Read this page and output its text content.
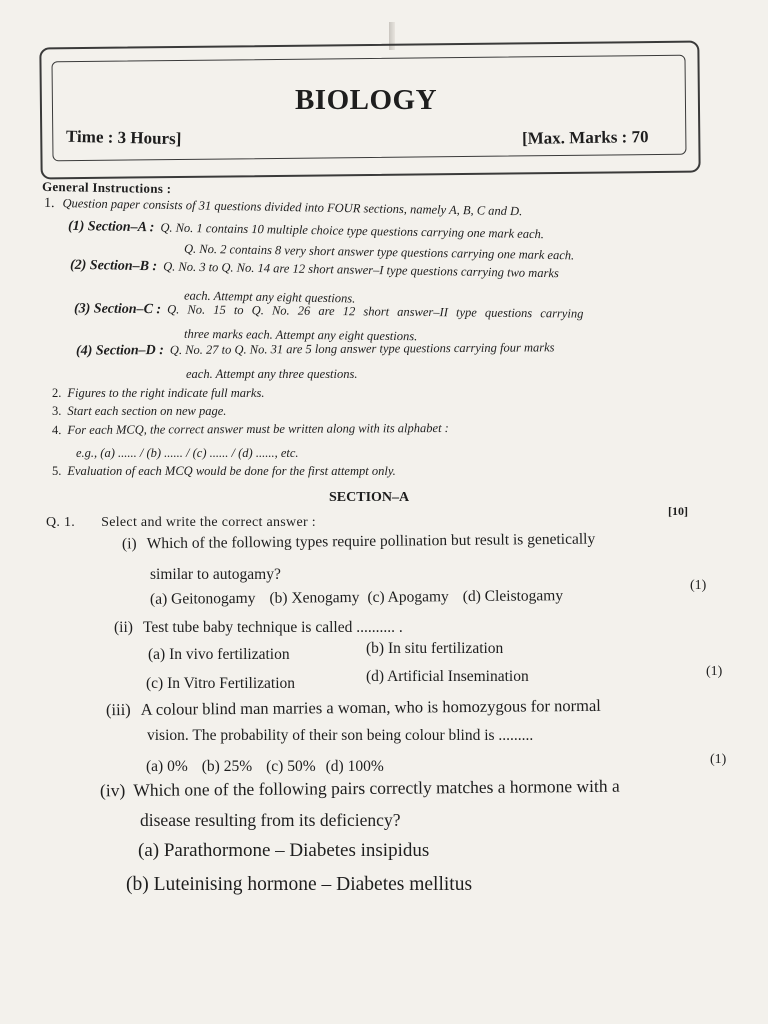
BIOLOGY
Time : 3 Hours]	[Max. Marks : 70
General Instructions :
1. Question paper consists of 31 questions divided into FOUR sections, namely A, B, C and D.
(1) Section–A : Q. No. 1 contains 10 multiple choice type questions carrying one mark each.
Q. No. 2 contains 8 very short answer type questions carrying one mark each.
(2) Section–B : Q. No. 3 to Q. No. 14 are 12 short answer–I type questions carrying two marks
each. Attempt any eight questions.
(3) Section–C : Q. No. 15 to Q. No. 26 are 12 short answer–II type questions carrying
three marks each. Attempt any eight questions.
(4) Section–D : Q. No. 27 to Q. No. 31 are 5 long answer type questions carrying four marks
each. Attempt any three questions.
2. Figures to the right indicate full marks.
3. Start each section on new page.
4. For each MCQ, the correct answer must be written along with its alphabet :
e.g., (a) ...... / (b) ...... / (c) ...... / (d) ......, etc.
5. Evaluation of each MCQ would be done for the first attempt only.
SECTION–A
[10]
Q. 1. Select and write the correct answer :
(i) Which of the following types require pollination but result is genetically
similar to autogamy?
(a) Geitonogamy (b) Xenogamy (c) Apogamy (d) Cleistogamy
(1)
(ii) Test tube baby technique is called .......... .
(a) In vivo fertilization	(b) In situ fertilization
(c) In Vitro Fertilization	(d) Artificial Insemination	(1)
(iii) A colour blind man marries a woman, who is homozygous for normal
vision. The probability of their son being colour blind is .........
(a) 0% (b) 25% (c) 50% (d) 100%	(1)
(iv) Which one of the following pairs correctly matches a hormone with a
disease resulting from its deficiency?
(a) Parathormone – Diabetes insipidus
(b) Luteinising hormone – Diabetes mellitus
